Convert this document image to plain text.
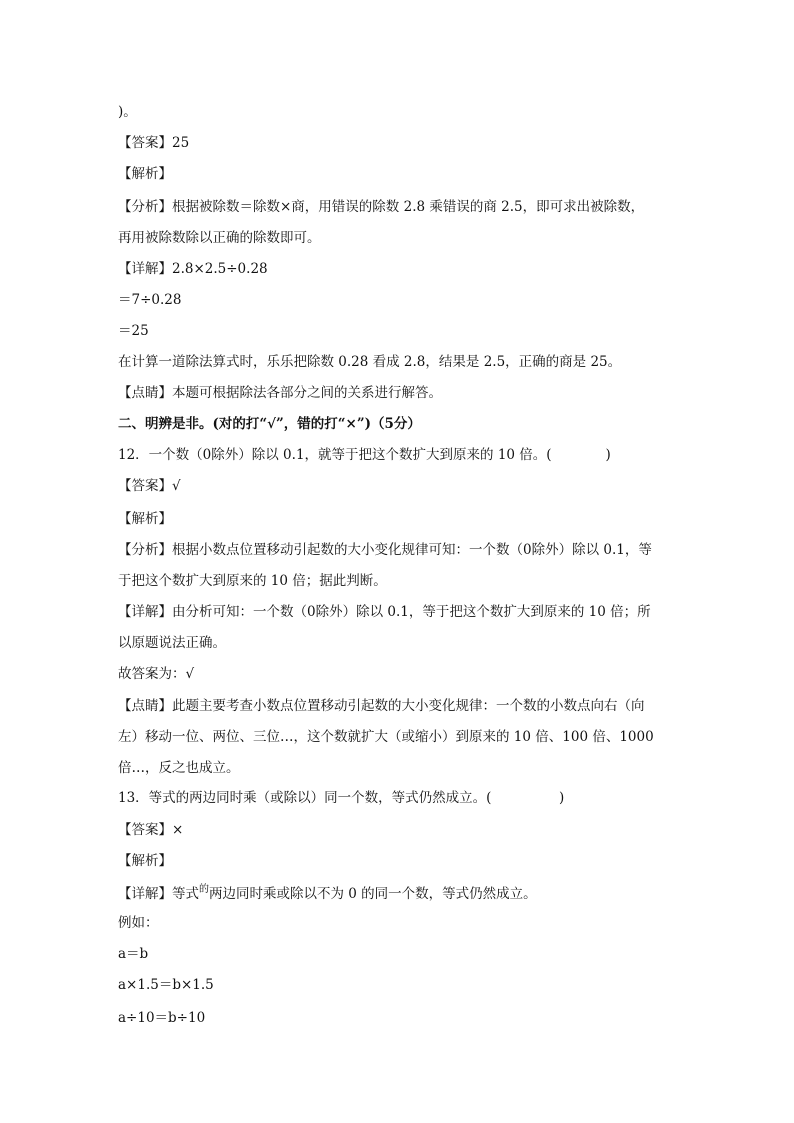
)。
【答案】25
【解析】
【分析】根据被除数＝除数×商，用错误的除数 2.8 乘错误的商 2.5，即可求出被除数，
再用被除数除以正确的除数即可。
【详解】2.8×2.5÷0.28
＝7÷0.28
＝25
在计算一道除法算式时，乐乐把除数 0.28 看成 2.8，结果是 2.5，正确的商是 25。
【点睛】本题可根据除法各部分之间的关系进行解答。
二、明辨是非。(对的打“√”，错的打“×”)（5分）
12．一个数（0除外）除以 0.1，就等于把这个数扩大到原来的 10 倍。(　　　　)
【答案】√
【解析】
【分析】根据小数点位置移动引起数的大小变化规律可知：一个数（0除外）除以 0.1，等
于把这个数扩大到原来的 10 倍；据此判断。
【详解】由分析可知：一个数（0除外）除以 0.1，等于把这个数扩大到原来的 10 倍；所
以原题说法正确。
故答案为：√
【点睛】此题主要考查小数点位置移动引起数的大小变化规律：一个数的小数点向右（向
左）移动一位、两位、三位…，这个数就扩大（或缩小）到原来的 10 倍、100 倍、1000
倍…，反之也成立。
13．等式的两边同时乘（或除以）同一个数，等式仍然成立。(　　　　　)
【答案】×
【解析】
【详解】等式$^的$两边同时乘或除以不为 0 的同一个数，等式仍然成立。
例如：
a＝b
a×1.5＝b×1.5
a÷10＝b÷10
